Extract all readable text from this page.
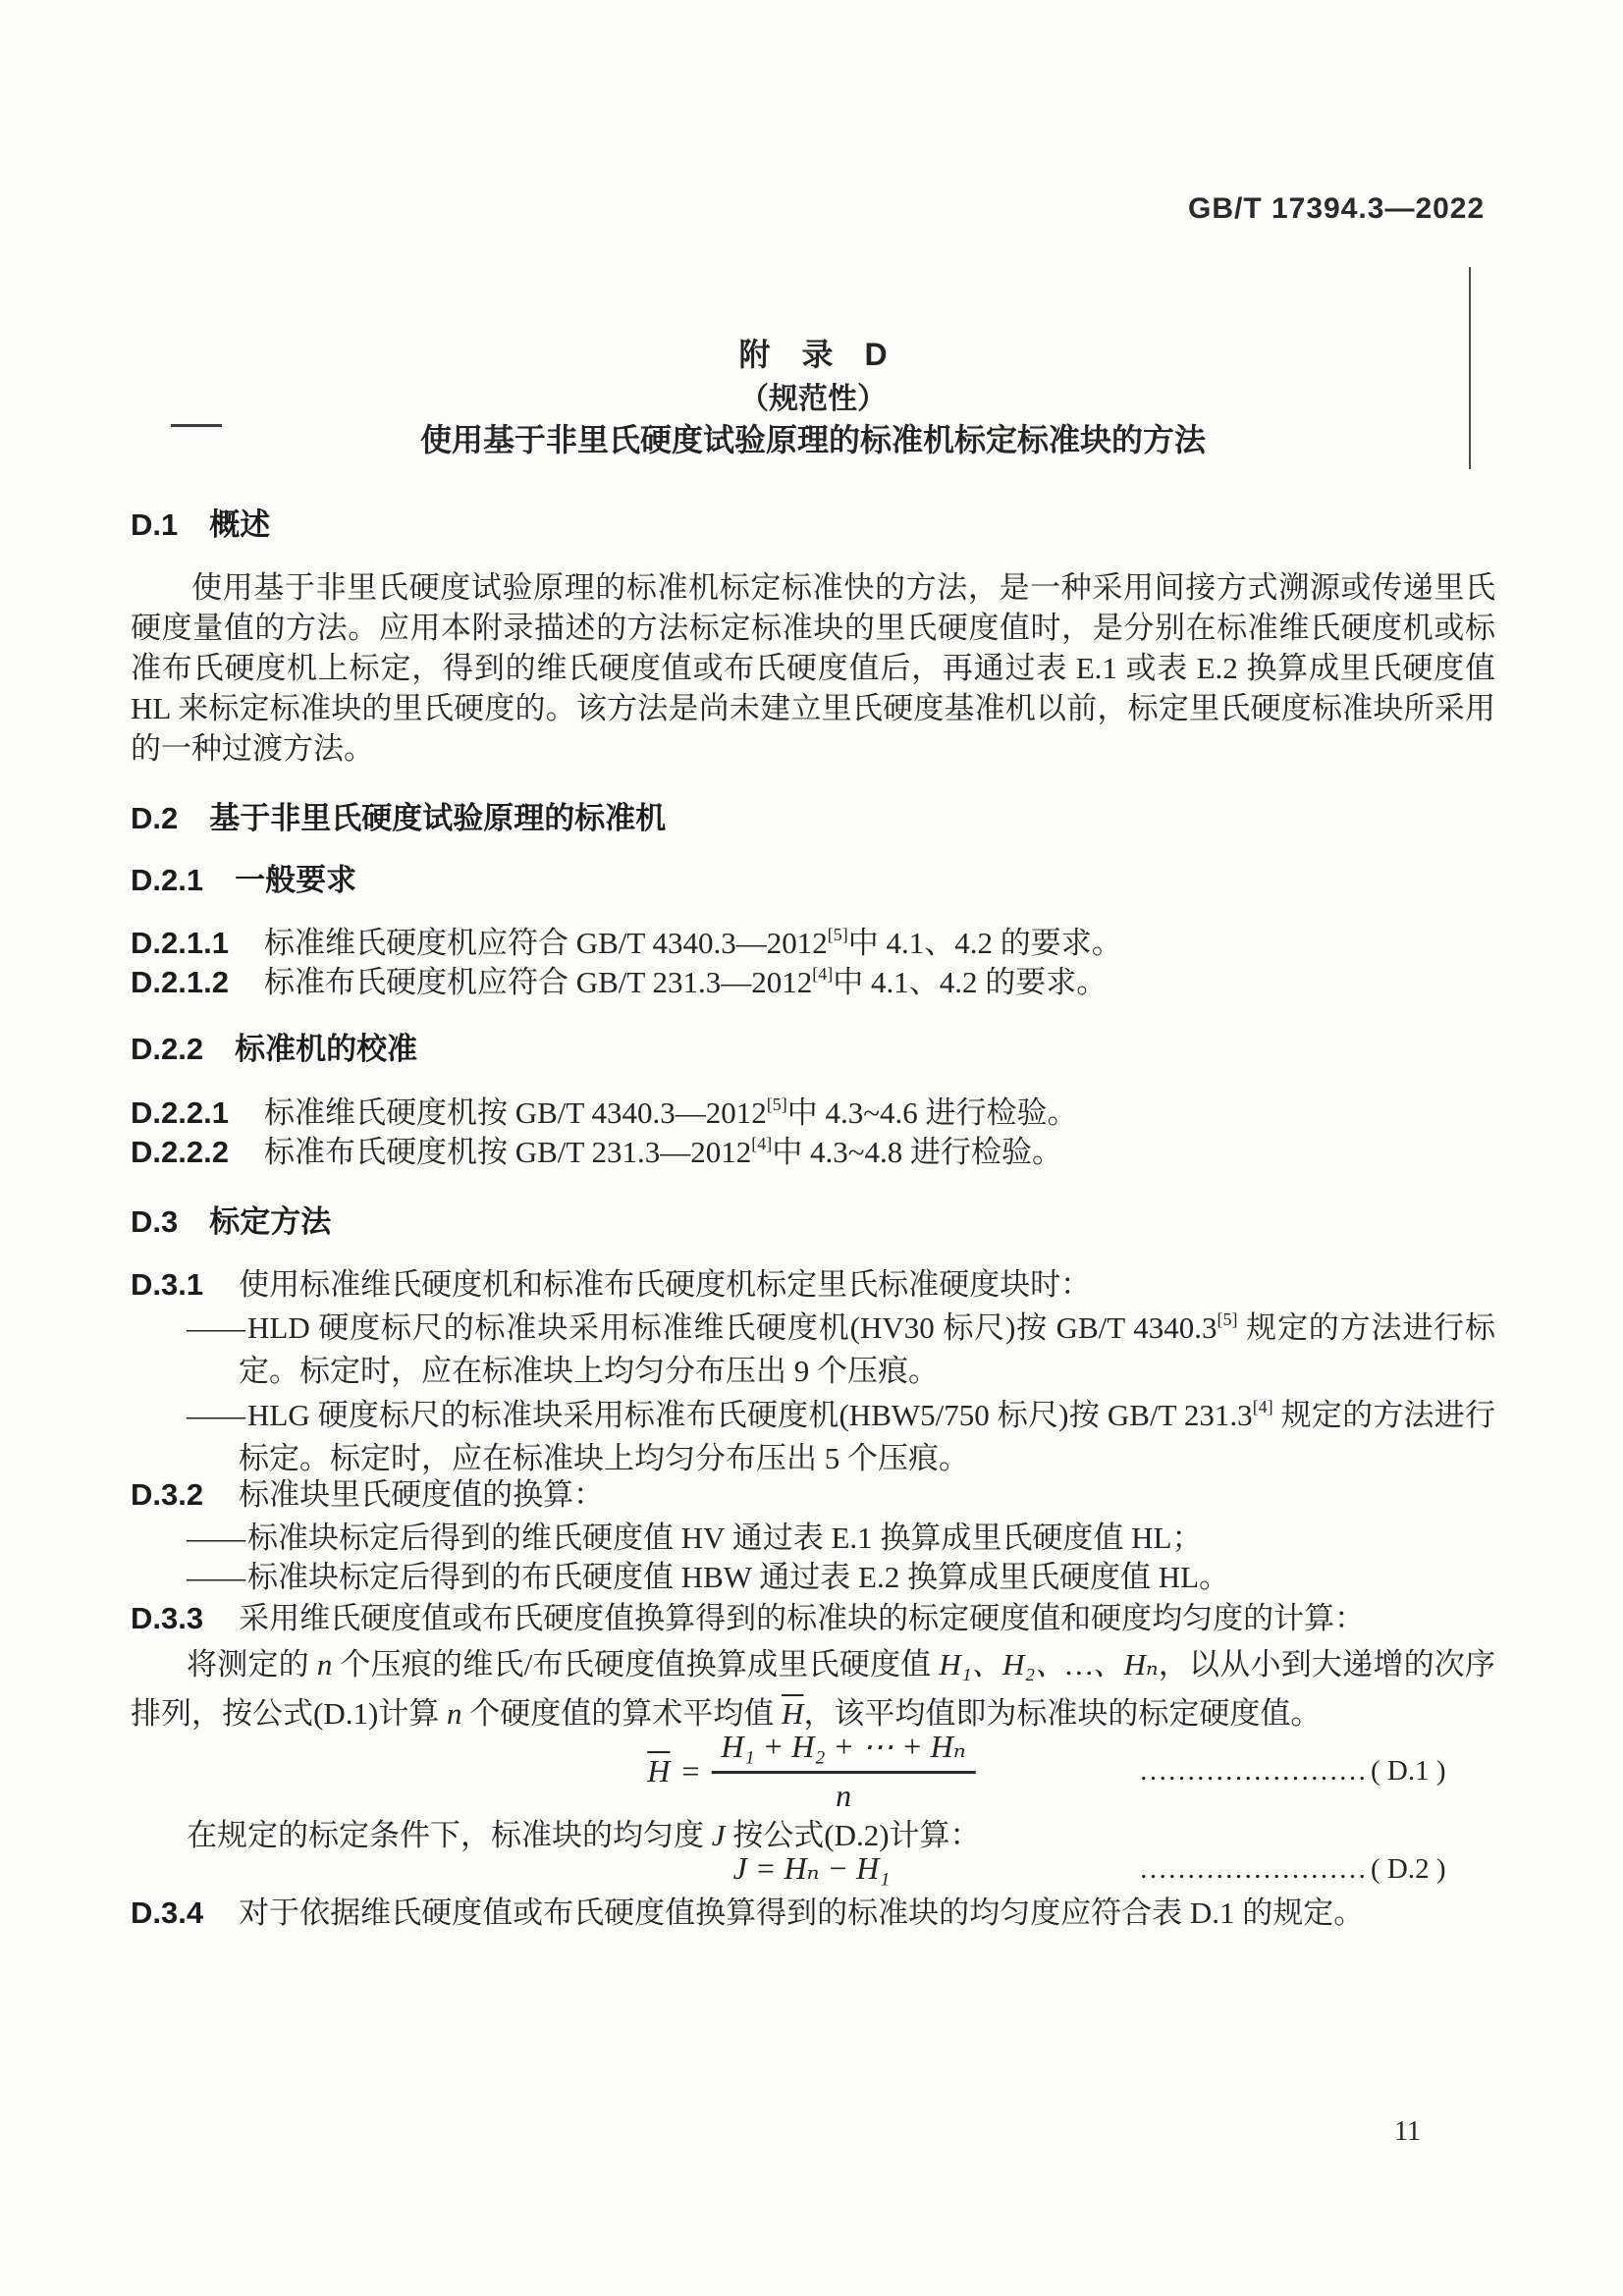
GB/T 17394.3—2022
附　录　D
（规范性）
使用基于非里氏硬度试验原理的标准机标定标准块的方法
D.1 概述
使用基于非里氏硬度试验原理的标准机标定标准快的方法，是一种采用间接方式溯源或传递里氏硬度量值的方法。应用本附录描述的方法标定标准块的里氏硬度值时，是分别在标准维氏硬度机或标准布氏硬度机上标定，得到的维氏硬度值或布氏硬度值后，再通过表 E.1 或表 E.2 换算成里氏硬度值 HL 来标定标准块的里氏硬度的。该方法是尚未建立里氏硬度基准机以前，标定里氏硬度标准块所采用的一种过渡方法。
D.2 基于非里氏硬度试验原理的标准机
D.2.1 一般要求
D.2.1.1 标准维氏硬度机应符合 GB/T 4340.3—2012[5]中 4.1、4.2 的要求。
D.2.1.2 标准布氏硬度机应符合 GB/T 231.3—2012[4]中 4.1、4.2 的要求。
D.2.2 标准机的校准
D.2.2.1 标准维氏硬度机按 GB/T 4340.3—2012[5]中 4.3~4.6 进行检验。
D.2.2.2 标准布氏硬度机按 GB/T 231.3—2012[4]中 4.3~4.8 进行检验。
D.3 标定方法
D.3.1 使用标准维氏硬度机和标准布氏硬度机标定里氏标准硬度块时：
—— HLD 硬度标尺的标准块采用标准维氏硬度机(HV30 标尺)按 GB/T 4340.3[5] 规定的方法进行标定。标定时，应在标准块上均匀分布压出 9 个压痕。
—— HLG 硬度标尺的标准块采用标准布氏硬度机(HBW5/750 标尺)按 GB/T 231.3[4] 规定的方法进行标定。标定时，应在标准块上均匀分布压出 5 个压痕。
D.3.2 标准块里氏硬度值的换算：
—— 标准块标定后得到的维氏硬度值 HV 通过表 E.1 换算成里氏硬度值 HL；
—— 标准块标定后得到的布氏硬度值 HBW 通过表 E.2 换算成里氏硬度值 HL。
D.3.3 采用维氏硬度值或布氏硬度值换算得到的标准块的标定硬度值和硬度均匀度的计算：
将测定的 n 个压痕的维氏/布氏硬度值换算成里氏硬度值 H₁、H₂、…、Hₙ，以从小到大递增的次序排列，按公式(D.1)计算 n 个硬度值的算术平均值 $\overline{H}$，该平均值即为标准块的标定硬度值。
$\overline{H} = \frac{\text{H₁ + H₂ + ⋯ + Hₙ}}{n}$	…………………… ( D.1 )
在规定的标定条件下，标准块的均匀度 J 按公式(D.2)计算：
J = Hₙ − H₁	…………………… ( D.2 )
D.3.4 对于依据维氏硬度值或布氏硬度值换算得到的标准块的均匀度应符合表 D.1 的规定。
11
